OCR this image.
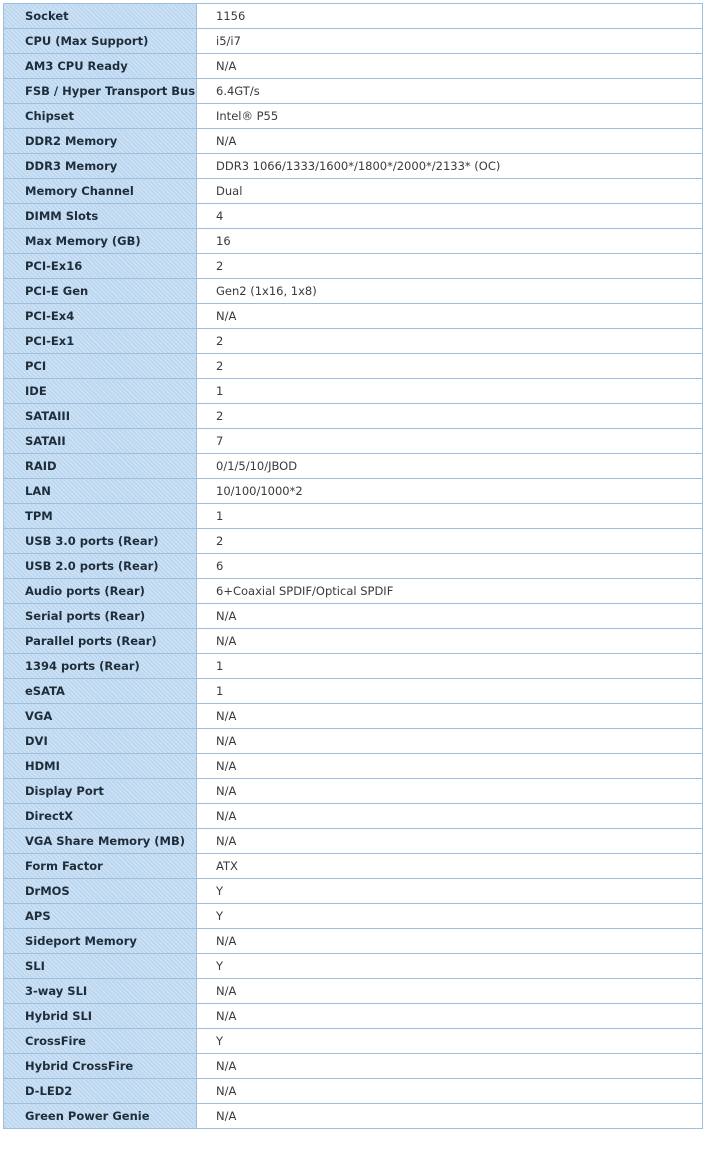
Socket	1156
CPU (Max Support)	i5/i7
AM3 CPU Ready	N/A
FSB / Hyper Transport Bus	6.4GT/s
Chipset	Intel® P55
DDR2 Memory	N/A
DDR3 Memory	DDR3 1066/1333/1600*/1800*/2000*/2133* (OC)
Memory Channel	Dual
DIMM Slots	4
Max Memory (GB)	16
PCI-Ex16	2
PCI-E Gen	Gen2 (1x16, 1x8)
PCI-Ex4	N/A
PCI-Ex1	2
PCI	2
IDE	1
SATAIII	2
SATAII	7
RAID	0/1/5/10/JBOD
LAN	10/100/1000*2
TPM	1
USB 3.0 ports (Rear)	2
USB 2.0 ports (Rear)	6
Audio ports (Rear)	6+Coaxial SPDIF/Optical SPDIF
Serial ports (Rear)	N/A
Parallel ports (Rear)	N/A
1394 ports (Rear)	1
eSATA	1
VGA	N/A
DVI	N/A
HDMI	N/A
Display Port	N/A
DirectX	N/A
VGA Share Memory (MB)	N/A
Form Factor	ATX
DrMOS	Y
APS	Y
Sideport Memory	N/A
SLI	Y
3-way SLI	N/A
Hybrid SLI	N/A
CrossFire	Y
Hybrid CrossFire	N/A
D-LED2	N/A
Green Power Genie	N/A
